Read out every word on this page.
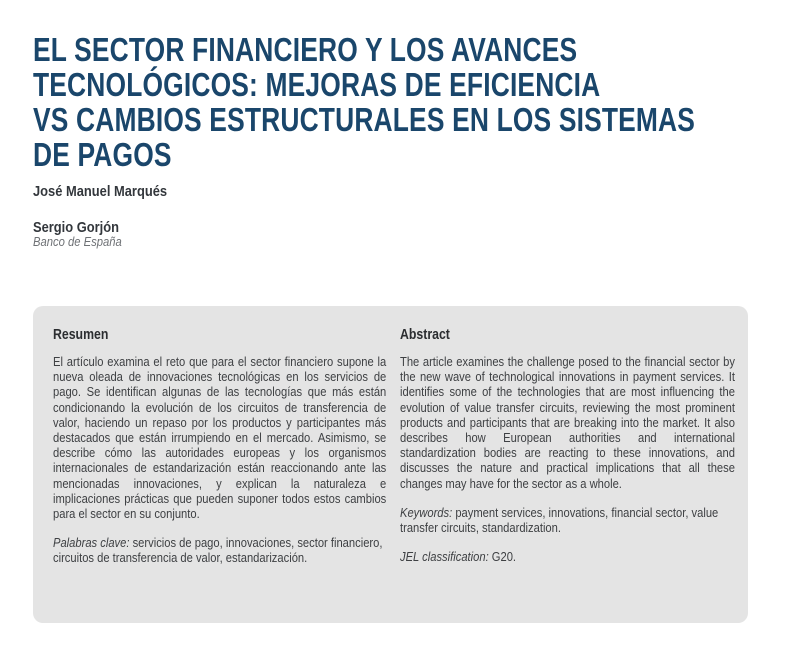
EL SECTOR FINANCIERO Y LOS AVANCES
TECNOLÓGICOS: MEJORAS DE EFICIENCIA
VS CAMBIOS ESTRUCTURALES EN LOS SISTEMAS
DE PAGOS
José Manuel Marqués
Sergio Gorjón
Banco de España
Resumen

El artículo examina el reto que para el sector financiero supone la nueva oleada de innovaciones tecnológicas en los servicios de pago. Se identifican algunas de las tecnologías que más están condicionando la evolución de los circuitos de transferencia de valor, haciendo un repaso por los productos y participantes más destacados que están irrumpiendo en el mercado. Asimismo, se describe cómo las autoridades europeas y los organismos internacionales de estandarización están reaccionando ante las mencionadas innovaciones, y explican la naturaleza e implicaciones prácticas que pueden suponer todos estos cambios para el sector en su conjunto.

Palabras clave: servicios de pago, innovaciones, sector financiero, circuitos de transferencia de valor, estandarización.

Abstract

The article examines the challenge posed to the financial sector by the new wave of technological innovations in payment services. It identifies some of the technologies that are most influencing the evolution of value transfer circuits, reviewing the most prominent products and participants that are breaking into the market. It also describes how European authorities and international standardization bodies are reacting to these innovations, and discusses the nature and practical implications that all these changes may have for the sector as a whole.

Keywords: payment services, innovations, financial sector, value transfer circuits, standardization.

JEL classification: G20.
